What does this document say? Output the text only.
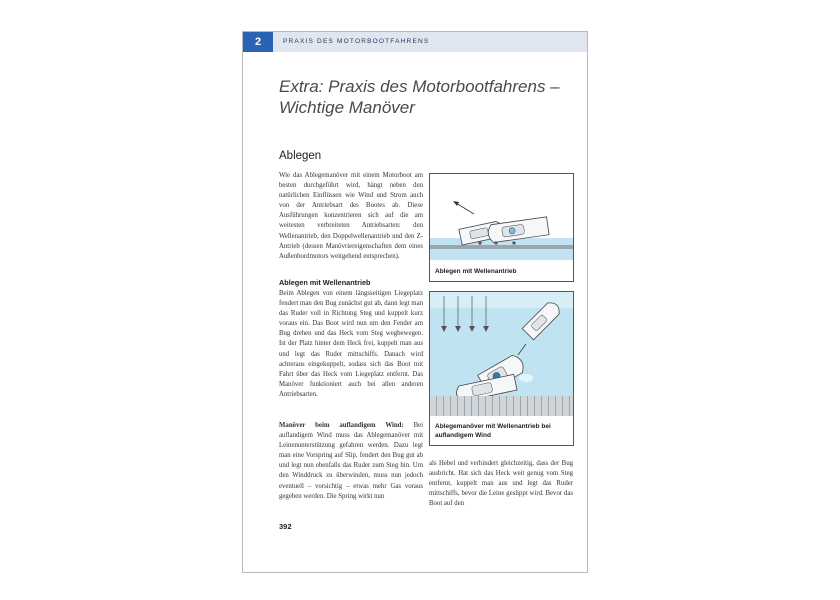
2	PRAXIS DES MOTORBOOTFAHRENS
Extra: Praxis des Motorbootfahrens –
Wichtige Manöver
Ablegen
Wie das Ablegemanöver mit einem Motorboot am besten durchgeführt wird, hängt neben den natürlichen Einflüssen wie Wind und Strom auch von der Antriebsart des Bootes ab. Diese Ausführungen konzentrieren sich auf die am weitesten verbreiteten Antriebsarten: den Wellenantrieb, den Doppelwellenantrieb und den Z-Antrieb (dessen Manövriereigenschaften dem eines Außenbordmotors weitgehend entsprechen).
Ablegen mit Wellenantrieb
Beim Ablegen von einem längsseitigen Liegeplatz fendert man den Bug zunächst gut ab, dann legt man das Ruder voll in Richtung Steg und kuppelt kurz voraus ein. Das Boot wird nun um den Fender am Bug drehen und das Heck vom Steg wegbewegen. Ist der Platz hinter dem Heck frei, kuppelt man aus und legt das Ruder mittschiffs. Danach wird achteraus eingekuppelt, sodass sich das Boot mit Fahrt über das Heck vom Liegeplatz entfernt. Das Manöver funktioniert auch bei allen anderen Antriebsarten.
Manöver beim auflandigem Wind: Bei auflandigem Wind muss das Ablegemanöver mit Leinenunterstützung gefahren werden. Dazu legt man eine Vorspring auf Slip, fendert den Bug gut ab und legt nun ebenfalls das Ruder zum Steg hin. Um den Winddruck zu überwinden, muss nun jedoch eventuell – vorsichtig – etwas mehr Gas voraus gegeben werden. Die Spring wirkt nun
als Hebel und verhindert gleichzeitig, dass der Bug ausbricht. Hat sich das Heck weit genug vom Steg entfernt, kuppelt man aus und legt das Ruder mittschiffs, bevor die Leine geslippt wird. Bevor das Boot auf den
Ablegen mit Wellenantrieb
Ablegemanöver mit Wellenantrieb bei auflandigem Wind
392
